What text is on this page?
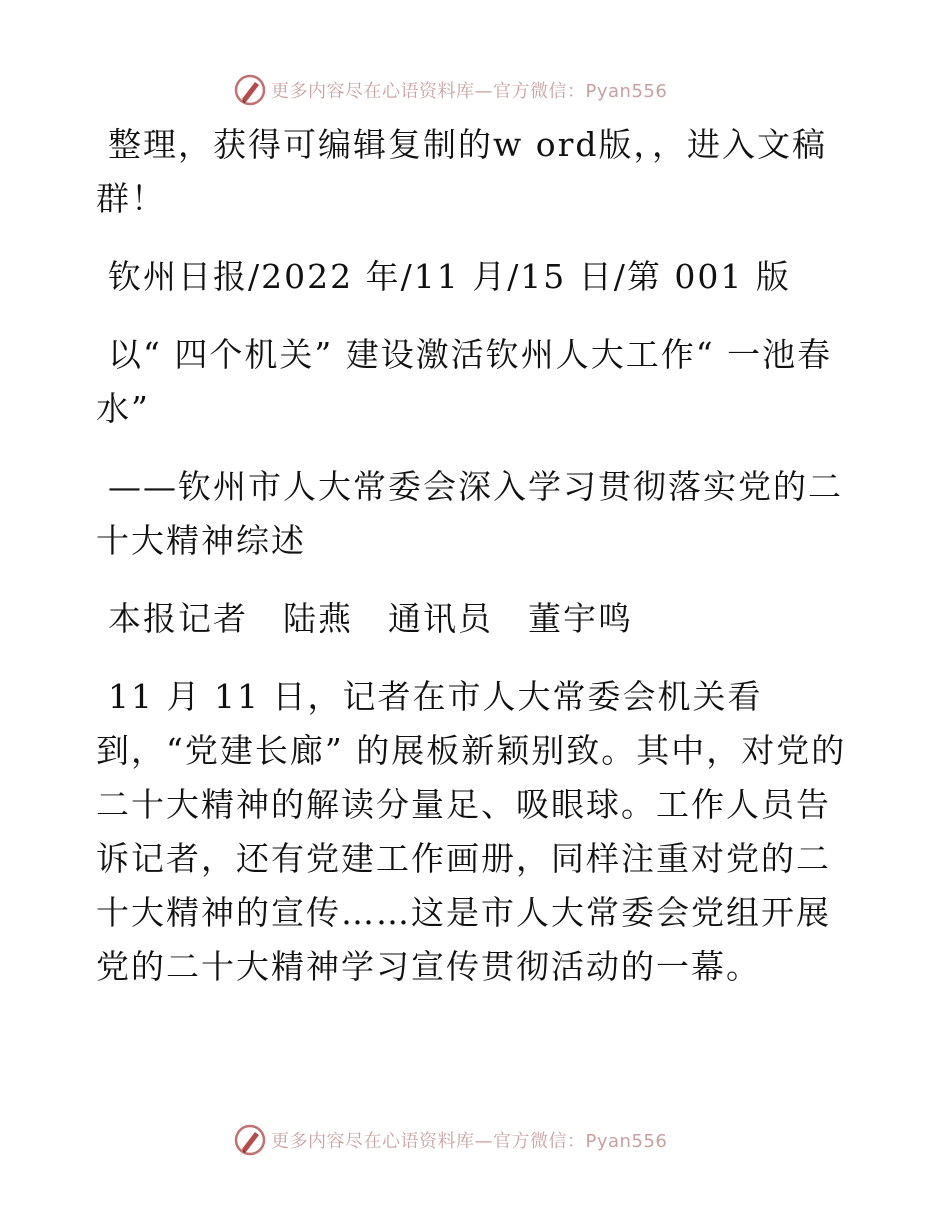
更多内容尽在心语资料库—官方微信：Pyan556

整理，获得可编辑复制的w ord版，，进入文稿群！

钦州日报/2022 年/11 月/15 日/第 001 版

以“ 四个机关” 建设激活钦州人大工作“ 一池春水”

——钦州市人大常委会深入学习贯彻落实党的二十大精神综述

本报记者　陆燕　通讯员　董宇鸣

11 月 11 日，记者在市人大常委会机关看到，“党建长廊” 的展板新颖别致。其中，对党的二十大精神的解读分量足、吸眼球。工作人员告诉记者，还有党建工作画册，同样注重对党的二十大精神的宣传……这是市人大常委会党组开展党的二十大精神学习宣传贯彻活动的一幕。

更多内容尽在心语资料库—官方微信：Pyan556
